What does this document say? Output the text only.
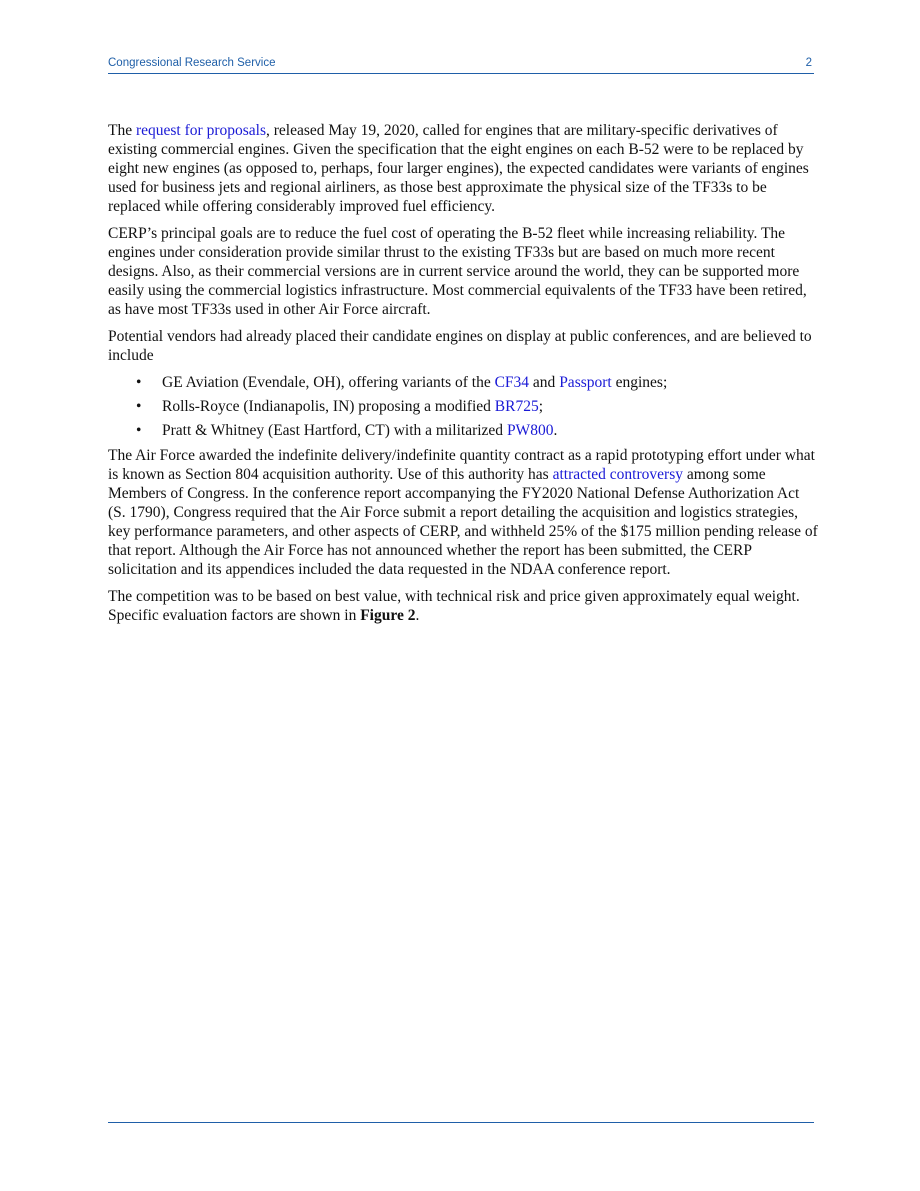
Congressional Research Service	2

The request for proposals, released May 19, 2020, called for engines that are military-specific derivatives of existing commercial engines. Given the specification that the eight engines on each B-52 were to be replaced by eight new engines (as opposed to, perhaps, four larger engines), the expected candidates were variants of engines used for business jets and regional airliners, as those best approximate the physical size of the TF33s to be replaced while offering considerably improved fuel efficiency.

CERP’s principal goals are to reduce the fuel cost of operating the B-52 fleet while increasing reliability. The engines under consideration provide similar thrust to the existing TF33s but are based on much more recent designs. Also, as their commercial versions are in current service around the world, they can be supported more easily using the commercial logistics infrastructure. Most commercial equivalents of the TF33 have been retired, as have most TF33s used in other Air Force aircraft.

Potential vendors had already placed their candidate engines on display at public conferences, and are believed to include

• GE Aviation (Evendale, OH), offering variants of the CF34 and Passport engines;
• Rolls-Royce (Indianapolis, IN) proposing a modified BR725;
• Pratt & Whitney (East Hartford, CT) with a militarized PW800.

The Air Force awarded the indefinite delivery/indefinite quantity contract as a rapid prototyping effort under what is known as Section 804 acquisition authority. Use of this authority has attracted controversy among some Members of Congress. In the conference report accompanying the FY2020 National Defense Authorization Act (S. 1790), Congress required that the Air Force submit a report detailing the acquisition and logistics strategies, key performance parameters, and other aspects of CERP, and withheld 25% of the $175 million pending release of that report. Although the Air Force has not announced whether the report has been submitted, the CERP solicitation and its appendices included the data requested in the NDAA conference report.

The competition was to be based on best value, with technical risk and price given approximately equal weight. Specific evaluation factors are shown in Figure 2.
